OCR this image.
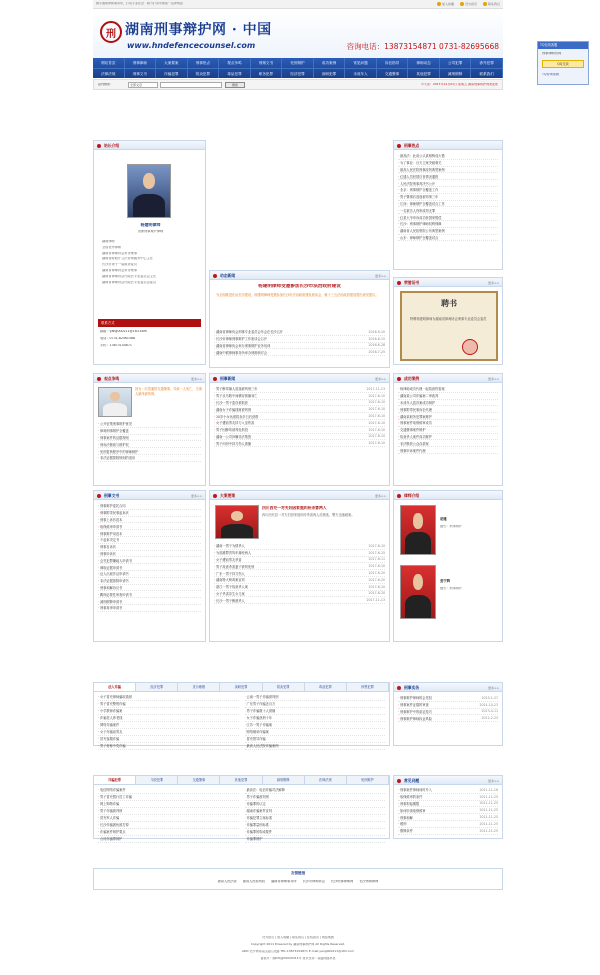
携手遍建律师事务所，打造专业社会 · 倾力打造中国第一法律网站	加入收藏	设为首页	联系我们
刑 湖南刑事辩护网 · 中国
www.hndefencecounsel.com	咨询电话：13873154871 0731-82695668
网站首页	刑事律师	大案要案	刑事热点	观点争鸣	刑辩文书	死刑辩护	成功案例	常见问题	诉讼指导	律师动态	公司犯罪	涉外犯罪
法律法规	刑事文书	诈骗犯罪	拐卖犯罪	毒品犯罪	职务犯罪	经济犯罪	渎职犯罪	未成年人	交通肇事	其他犯罪	减刑假释	联系我们
站内搜索：	全部文章	搜索	今天是：2017年12月01日 星期五 湖南刑事辩护网欢迎您
TQ在线客服
刑事律师咨询
QQ交谈
TQ咨询系统
站长介绍
杨建明律师
资深刑事辩护律师
湖南律师
全国优秀律师
湖南省律师协会常务理事
湖南省财政厅立法咨询服务中心主任
长沙市第十一届政协委员
湖南省律师协会常务理事
湖南省律师协会行政法专业委员会主任
湖南省律师协会行政法专业委员会委员
联系方式
邮箱：yang000211@163.com
电话：0731-82561588
手机：13873154871
刑事热点
· 最高法：此前公认真相铸成大错
· 为了事业：百天立案突破难关
· 最高人民法院刑事改判典型案例
· 红通人员回国自首情况通报
· 人民法院刑事判决书公开
· 北京：刑事辩护全覆盖工作
· 男子肇事后逃逸被判刑三年
· 江西：律师辩护全覆盖试点工作
· 一名被告人终审改判无罪
· 红星大爷申诉成功获国家赔偿
· 长沙：刑事辩护律师权利保障
· 湖南省人民检察院公布典型案例
· 山东：律师辩护全覆盖试点
荣誉证书	更多>>
聘书
特聘杨建明律师为湖南省律师协会刑事专业委员会委员
动态新闻	更多>>
杨建明律师受邀参加长沙市法治政府建设
为全面推进法治长沙建设，杨建明律师受邀参加长沙市法治政府建设座谈会，就十三五法治政府建设提出意见建议。
· 湖南省律师协会刑事专业委员会年会在长沙召开	2016-9-10
· 长沙市律师刑事辩护工作座谈会召开	2016-8-15
· 湖南省律师协会举办刑事辩护业务培训	2016-6-28
· 湖南中联律师事务所举办刑辩研讨会	2016-7-25
观点争鸣	更多>>
因为一次普通的交通肇事，导致一人死亡，当事人最终被判刑。
· 公开征集刑事辩护意见
· 律师刑事辩护全覆盖
· 刑事案件的证据规则
· 刑诉法修改与辩护权
· 死刑复核程序中的律师辩护
· 非法证据排除规则的适用
刑事新闻	更多>>
· 男子醉驾撞人逃逸被判刑三年	2017-11-13
· 男子从马路中间横穿被撞身亡	2017-6-10
· 长沙一男子盗窃被抓获	2017-6-10
· 湖南女子诈骗钱财被判刑	2017-6-10
· 10岁小女孩被拐卖多日后获救	2017-6-10
· 女子遭前男友持刀入室伤害	2017-6-10
· 男子因醉驾被判处拘役	2017-6-10
· 湖南一公司涉嫌非法集资	2017-6-10
· 男子纠纷中持刀伤人被捕	2017-6-10
成功案例	更多>>
· 杨律师成功代理一起故意伤害案
· 湖南某公司诈骗案二审改判
· 未成年人盗窃案成功辩护
· 刑事附带民事诉讼代理
· 湖南某职务犯罪案辩护
· 刑事案件取保候审成功
· 交通肇事案件辩护
· 故意杀人案件成功辩护
· 非法吸收公众存款案
· 刑事申诉案件代理
刑事文书	更多>>
· 刑事辩护委托合同
· 刑事附带民事起诉状
· 刑事上诉状范本
· 取保候审申请书
· 刑事辩护词范本
· 不起诉决定书
· 刑事自诉状
· 刑事申诉状
· 会见犯罪嫌疑人申请书
· 调取证据申请书
· 证人出庭作证申请书
· 非法证据排除申请书
· 刑事和解协议书
· 羁押必要性审查申请书
· 减刑假释申请书
· 刑事再审申请书
大案要案	更多>>
四川西充一对夫妇因家庭纠纷杀害两人
四川西充县一对夫妇因家庭纠纷杀害两人后潜逃，警方迅速破案。
· 湖南一男子为情杀人	2017-6-10
· 为逃避罪责驾车撞死两人	2017-6-25
· 女子遭前男友杀害	2017-6-11
· 男子故意杀害妻子被判死刑	2017-6-10
· 广东一男子持刀伤人	2017-6-20
· 湖南特大贩毒案宣判	2017-6-20
· 浙江一男子故意杀人案	2017-6-10
· 女子杀害亲生女儿案	2017-6-20
· 长沙一男子醉酒杀人	2017-11-13
律师介绍
胡雅
擅长：刑事辩护
姜宇辉
擅长：刑事辩护
法人诈骗	经济犯罪	贪污贿赂	渎职犯罪	拐卖犯罪	毒品犯罪	涉黑犯罪
· 女子冒充律师骗取钱财	· 云南一男子诈骗被判刑
· 男子冒充警察诈骗	· 广东男子诈骗近百万
· 小学教师诈骗案	· 男子诈骗数十人被捕
· 诈骗老人养老钱	· 女子诈骗获刑十年
· 网络诈骗案件	· 江苏一男子诈骗案
· 女子诈骗前男友	· 网络刷单诈骗案
· 冒充客服诈骗	· 冒充领导诈骗
· 男子谎称中奖诈骗	· 最高人民法院诈骗案例
诈骗犯罪	斗殴犯罪	交通肇事	其他犯罪	减刑假释	法律法规	死刑辩护
· 电信网络诈骗案件	· 最高法：电信诈骗司法解释
· 男子冒充银行员工诈骗	· 男子诈骗被判刑
· 网上购物诈骗	· 诈骗罪的认定
· 男子诈骗被判刑	· 湖南诈骗案件宣判
· 冒充军人诈骗	· 诈骗犯罪立案标准
· 长沙诈骗团伙被打掉	· 诈骗罪量刑标准
· 诈骗案件辩护要点	· 诈骗罪的构成要件
· 合同诈骗罪辩护	· 诈骗罪辩护
刑事实务	更多>>
· 刑事辩护律师的会见权	2015-1-27
· 刑事案件证据的审查	2014-10-23
· 刑事辩护中的质证技巧	2013-4-11
· 刑事辩护律师执业风险	2012-2-23
常见问题	更多>>
· 刑事案件律师何时介入	2011-11-16
· 取保候审的条件	2011-11-25
· 刑事拘留期限	2011-11-25
· 如何申请取保候审	2011-11-25
· 刑事和解	2011-11-25
· 缓刑	2011-11-25
· 假释条件	2011-11-25
友情链接
最高人民法院 最高人民检察院 湖南省律师事务所 长沙市律师协会 长沙刑事律师网 长沙刑辩律师
设为首页 | 加入收藏 | 联系我们 | 在线留言 | 网站地图
Copyright 2011 Powered by 湖南刑事辩护网 All Rights Reserved.
ADD:长沙市雨花区韶山北路 TEL:13873154871 E-mail:yang000211@163.com
备案号：湘ICP备09029311号 技术支持：鼎盛网络科技
